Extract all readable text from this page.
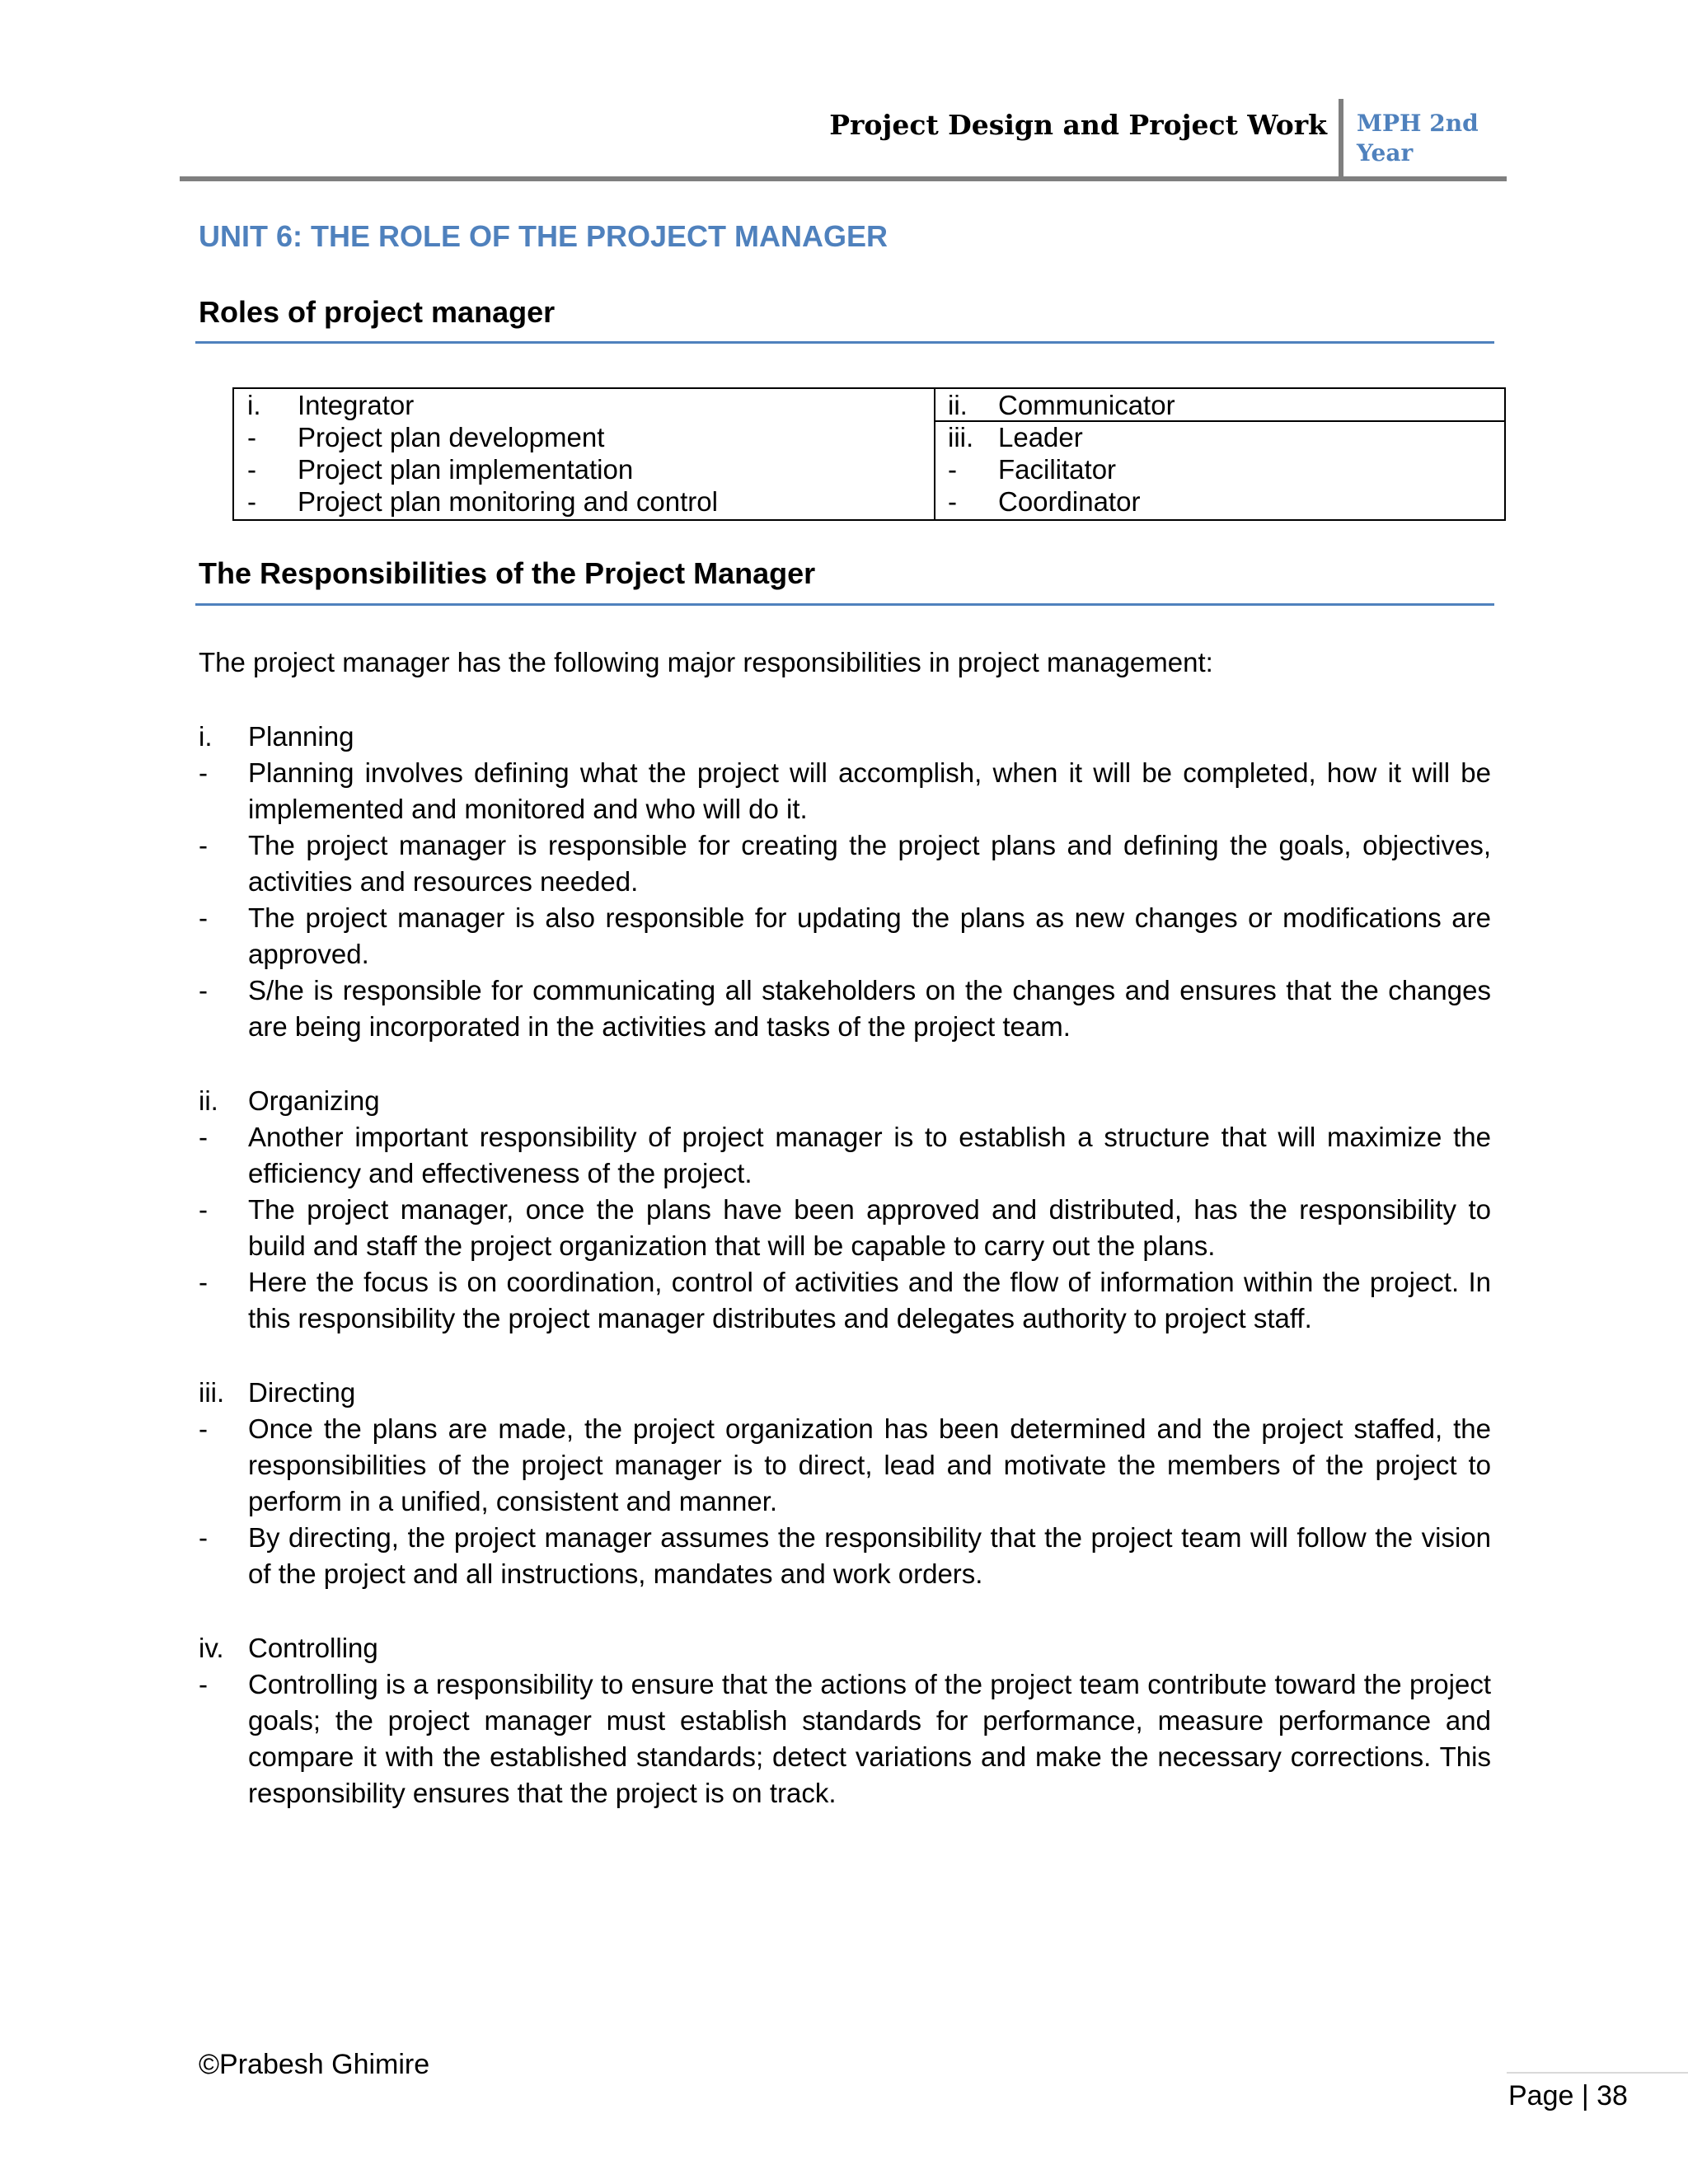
Project Design and Project Work MPH 2nd Year
UNIT 6: THE ROLE OF THE PROJECT MANAGER
Roles of project manager
i. Integrator
- Project plan development
- Project plan implementation
- Project plan monitoring and control
ii. Communicator
iii. Leader
- Facilitator
- Coordinator
The Responsibilities of the Project Manager
The project manager has the following major responsibilities in project management:
i. Planning
- Planning involves defining what the project will accomplish, when it will be completed, how it will be implemented and monitored and who will do it.
- The project manager is responsible for creating the project plans and defining the goals, objectives, activities and resources needed.
- The project manager is also responsible for updating the plans as new changes or modifications are approved.
- S/he is responsible for communicating all stakeholders on the changes and ensures that the changes are being incorporated in the activities and tasks of the project team.
ii. Organizing
- Another important responsibility of project manager is to establish a structure that will maximize the efficiency and effectiveness of the project.
- The project manager, once the plans have been approved and distributed, has the responsibility to build and staff the project organization that will be capable to carry out the plans.
- Here the focus is on coordination, control of activities and the flow of information within the project. In this responsibility the project manager distributes and delegates authority to project staff.
iii. Directing
- Once the plans are made, the project organization has been determined and the project staffed, the responsibilities of the project manager is to direct, lead and motivate the members of the project to perform in a unified, consistent and manner.
- By directing, the project manager assumes the responsibility that the project team will follow the vision of the project and all instructions, mandates and work orders.
iv. Controlling
- Controlling is a responsibility to ensure that the actions of the project team contribute toward the project goals; the project manager must establish standards for performance, measure performance and compare it with the established standards; detect variations and make the necessary corrections. This responsibility ensures that the project is on track.
©Prabesh Ghimire
Page | 38
